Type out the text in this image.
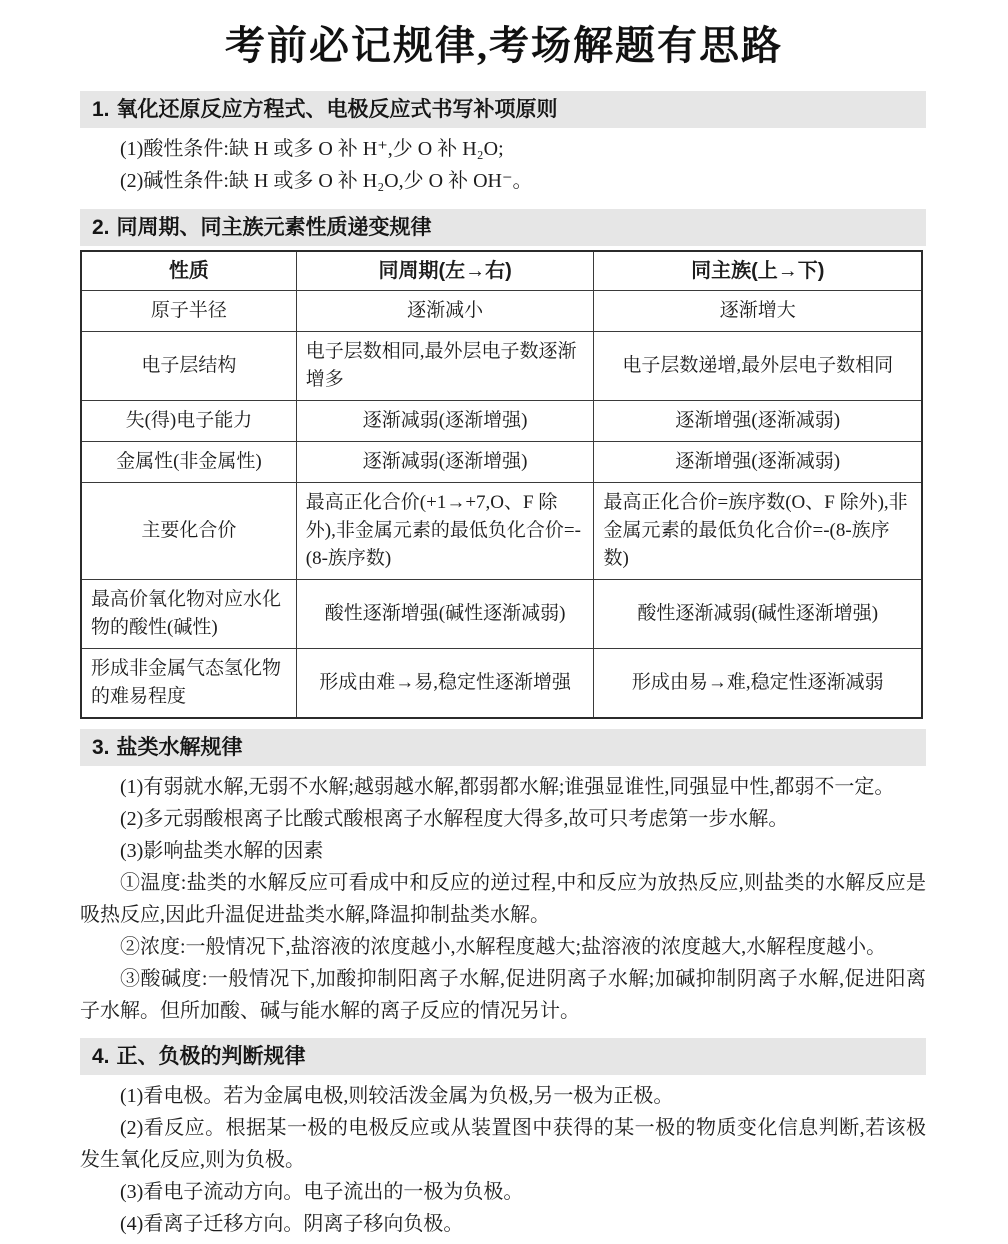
考前必记规律,考场解题有思路
1. 氧化还原反应方程式、电极反应式书写补项原则

(1)酸性条件:缺 H 或多 O 补 H⁺,少 O 补 H₂O;

(2)碱性条件:缺 H 或多 O 补 H₂O,少 O 补 OH⁻。

2. 同周期、同主族元素性质递变规律
性质	同周期(左→右)	同主族(上→下)
原子半径	逐渐减小	逐渐增大
电子层结构	电子层数相同,最外层电子数逐渐增多	电子层数递增,最外层电子数相同
失(得)电子能力	逐渐减弱(逐渐增强)	逐渐增强(逐渐减弱)
金属性(非金属性)	逐渐减弱(逐渐增强)	逐渐增强(逐渐减弱)
主要化合价	最高正化合价(+1→+7,O、F 除外),非金属元素的最低负化合价=-(8-族序数)	最高正化合价=族序数(O、F 除外),非金属元素的最低负化合价=-(8-族序数)
最高价氧化物对应水化物的酸性(碱性)	酸性逐渐增强(碱性逐渐减弱)	酸性逐渐减弱(碱性逐渐增强)
形成非金属气态氢化物的难易程度	形成由难→易,稳定性逐渐增强	形成由易→难,稳定性逐渐减弱
3. 盐类水解规律

(1)有弱就水解,无弱不水解;越弱越水解,都弱都水解;谁强显谁性,同强显中性,都弱不一定。

(2)多元弱酸根离子比酸式酸根离子水解程度大得多,故可只考虑第一步水解。

(3)影响盐类水解的因素

①温度:盐类的水解反应可看成中和反应的逆过程,中和反应为放热反应,则盐类的水解反应是吸热反应,因此升温促进盐类水解,降温抑制盐类水解。

②浓度:一般情况下,盐溶液的浓度越小,水解程度越大;盐溶液的浓度越大,水解程度越小。

③酸碱度:一般情况下,加酸抑制阳离子水解,促进阴离子水解;加碱抑制阴离子水解,促进阳离子水解。但所加酸、碱与能水解的离子反应的情况另计。

4. 正、负极的判断规律

(1)看电极。若为金属电极,则较活泼金属为负极,另一极为正极。

(2)看反应。根据某一极的电极反应或从装置图中获得的某一极的物质变化信息判断,若该极发生氧化反应,则为负极。

(3)看电子流动方向。电子流出的一极为负极。

(4)看离子迁移方向。阴离子移向负极。
